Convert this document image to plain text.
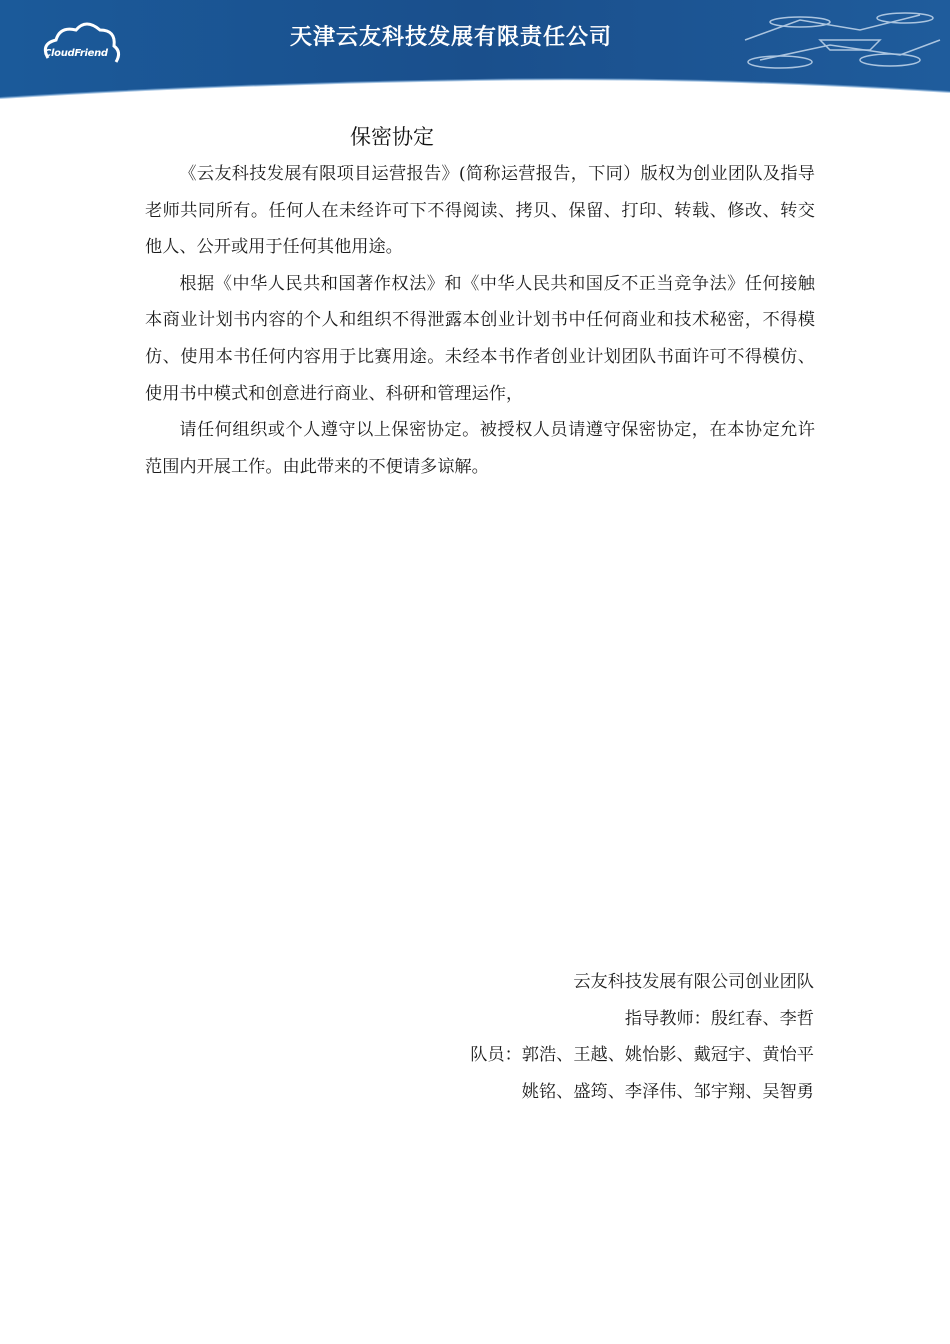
CloudFriend
天津云友科技发展有限责任公司
保密协定

《云友科技发展有限项目运营报告》(简称运营报告，下同）版权为创业团队及指导老师共同所有。任何人在未经许可下不得阅读、拷贝、保留、打印、转载、修改、转交他人、公开或用于任何其他用途。

根据《中华人民共和国著作权法》和《中华人民共和国反不正当竞争法》任何接触本商业计划书内容的个人和组织不得泄露本创业计划书中任何商业和技术秘密，不得模仿、使用本书任何内容用于比赛用途。未经本书作者创业计划团队书面许可不得模仿、使用书中模式和创意进行商业、科研和管理运作，

请任何组织或个人遵守以上保密协定。被授权人员请遵守保密协定，在本协定允许范围内开展工作。由此带来的不便请多谅解。

云友科技发展有限公司创业团队
指导教师：殷红春、李哲
队员：郭浩、王越、姚怡影、戴冠宇、黄怡平
姚铭、盛筠、李泽伟、邹宇翔、吴智勇
